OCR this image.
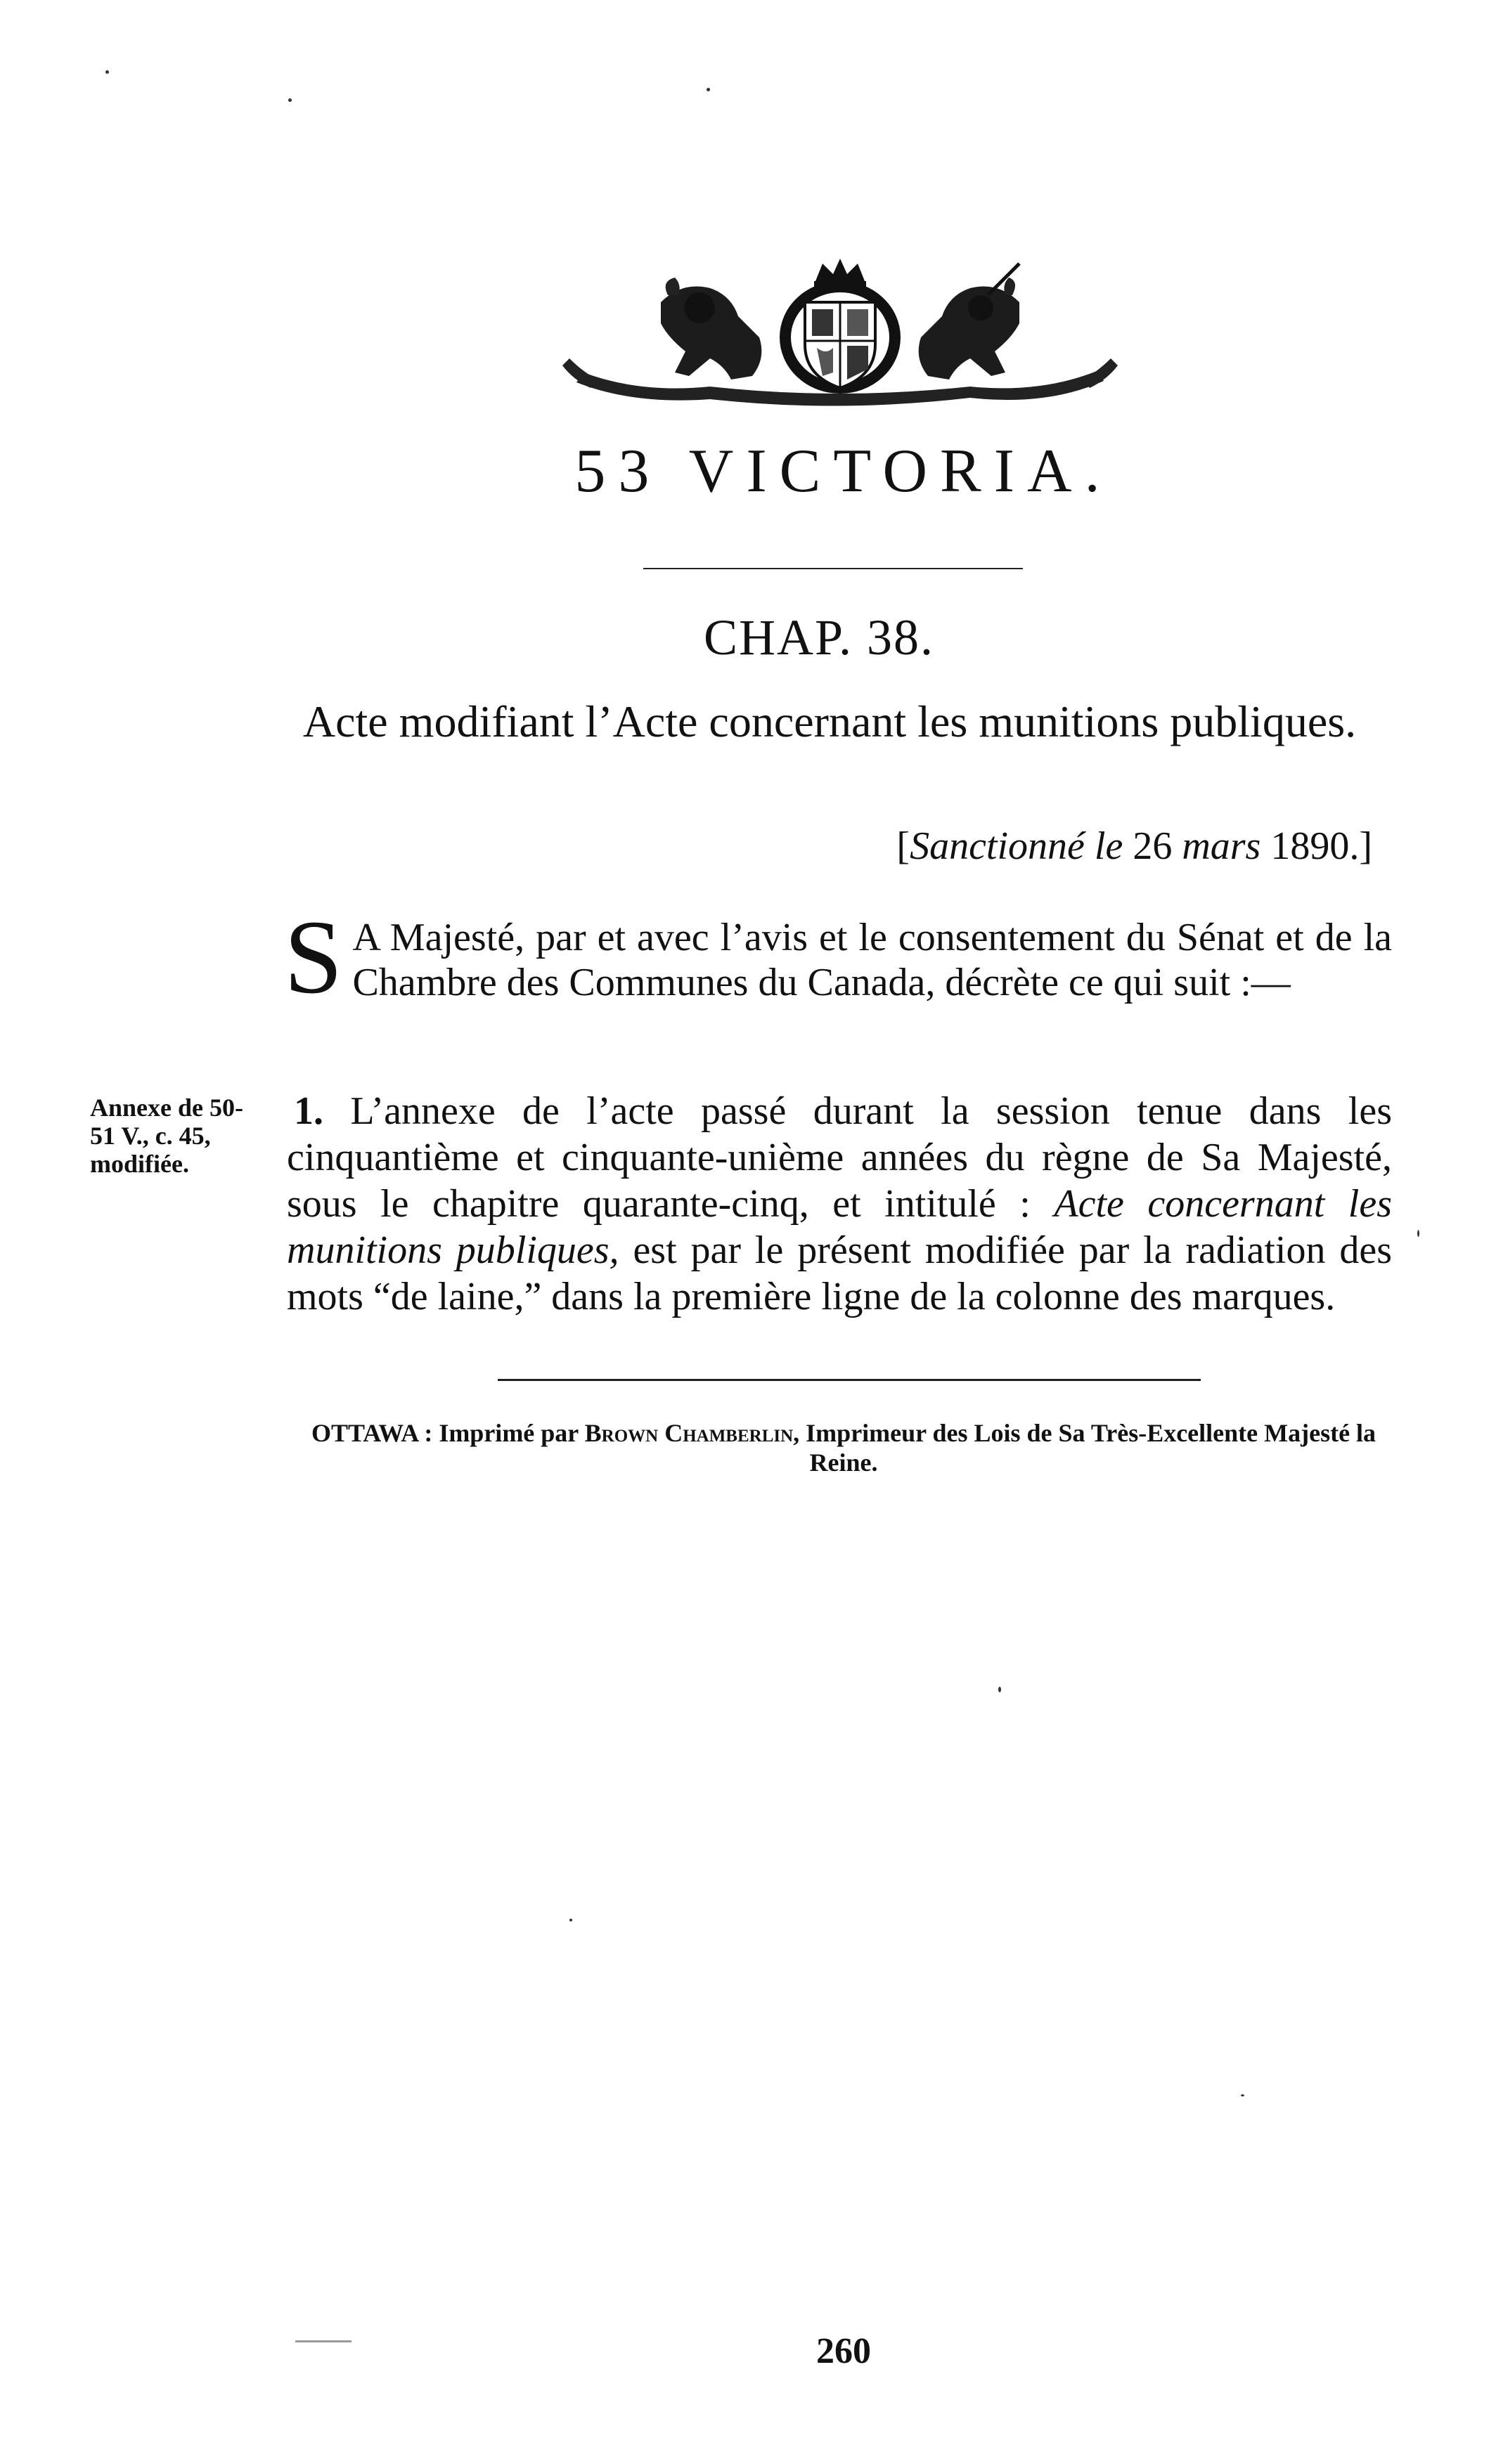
53 VICTORIA.
CHAP. 38.
Acte modifiant l’Acte concernant les munitions publiques.
[Sanctionné le 26 mars 1890.]
S A Majesté, par et avec l’avis et le consentement du Sénat et de la Chambre des Communes du Canada, décrète ce qui suit :—
Annexe de 50-51 V., c. 45, modifiée.
1. L’annexe de l’acte passé durant la session tenue dans les cinquantième et cinquante-unième années du règne de Sa Majesté, sous le chapitre quarante-cinq, et intitulé : Acte concernant les munitions publiques, est par le présent modifiée par la radiation des mots “de laine,” dans la première ligne de la colonne des marques.
OTTAWA : Imprimé par Brown Chamberlin, Imprimeur des Lois de Sa Très-Excellente Majesté la Reine.
260
